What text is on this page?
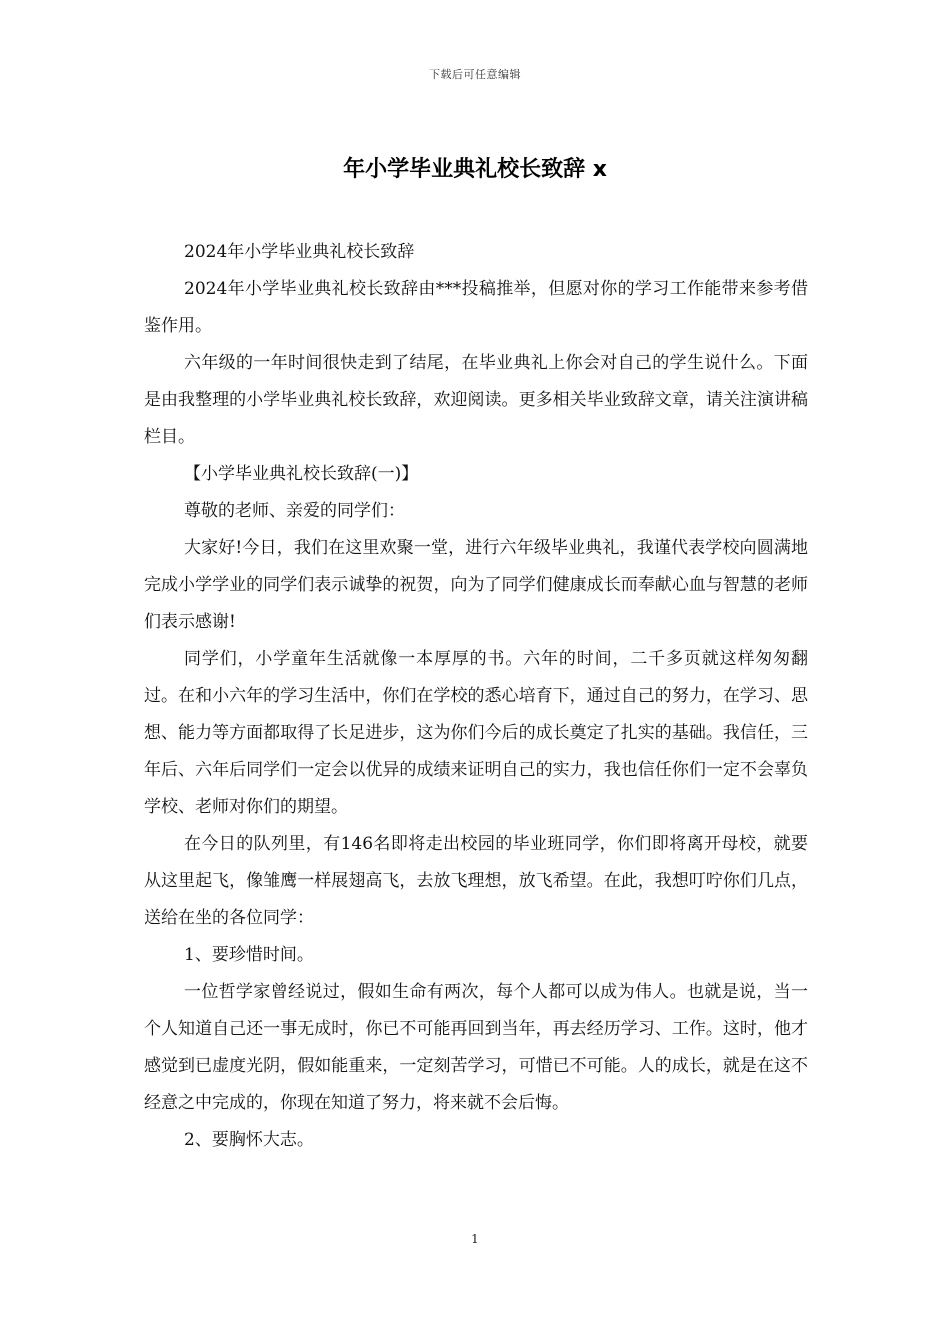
下载后可任意编辑
年小学毕业典礼校长致辞 x

2024年小学毕业典礼校长致辞

2024年小学毕业典礼校长致辞由***投稿推举，但愿对你的学习工作能带来参考借鉴作用。

六年级的一年时间很快走到了结尾，在毕业典礼上你会对自己的学生说什么。下面是由我整理的小学毕业典礼校长致辞，欢迎阅读。更多相关毕业致辞文章，请关注演讲稿栏目。

【小学毕业典礼校长致辞(一)】

尊敬的老师、亲爱的同学们：

大家好!今日，我们在这里欢聚一堂，进行六年级毕业典礼，我谨代表学校向圆满地完成小学学业的同学们表示诚挚的祝贺，向为了同学们健康成长而奉献心血与智慧的老师们表示感谢!

同学们，小学童年生活就像一本厚厚的书。六年的时间，二千多页就这样匆匆翻过。在和小六年的学习生活中，你们在学校的悉心培育下，通过自己的努力，在学习、思想、能力等方面都取得了长足进步，这为你们今后的成长奠定了扎实的基础。我信任，三年后、六年后同学们一定会以优异的成绩来证明自己的实力，我也信任你们一定不会辜负学校、老师对你们的期望。

在今日的队列里，有146名即将走出校园的毕业班同学，你们即将离开母校，就要从这里起飞，像雏鹰一样展翅高飞，去放飞理想，放飞希望。在此，我想叮咛你们几点，送给在坐的各位同学：

1、要珍惜时间。

一位哲学家曾经说过，假如生命有两次，每个人都可以成为伟人。也就是说，当一个人知道自己还一事无成时，你已不可能再回到当年，再去经历学习、工作。这时，他才感觉到已虚度光阴，假如能重来，一定刻苦学习，可惜已不可能。人的成长，就是在这不经意之中完成的，你现在知道了努力，将来就不会后悔。

2、要胸怀大志。

1
